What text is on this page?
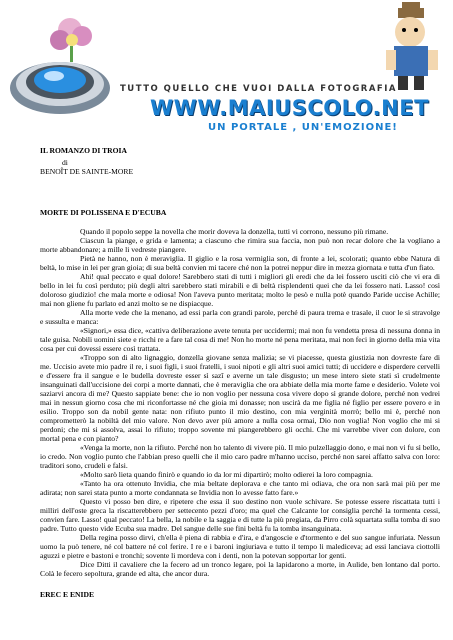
TUTTO QUELLO CHE VUOI DALLA FOTOGRAFIA
WWW.MAIUSCOLO.NET
UN PORTALE , UN'EMOZIONE!
IL ROMANZO DI TROIA
di
BENOÎT DE SAINTE-MORE
MORTE DI POLISSENA E D'ECUBA

Quando il popolo seppe la novella che morir doveva la donzella, tutti vi corrono, nessuno più rimane.

Ciascun la piange, e grida e lamenta; a ciascuno che rimira sua faccia, non può non recar dolore che la vogliano a morte abbandonare; a mille li vedreste piangere.

Pietà ne hanno, non è meraviglia. Il giglio e la rosa vermiglia son, di fronte a lei, scolorati; quanto ebbe Natura di beltà, lo mise in lei per gran gioia; di sua beltà convien mi tacere ché non la potrei neppur dire in mezza giornata e tutta d'un fiato.

Ahi! qual peccato e qual dolore! Sarebbero stati di tutti i migliori gli eredi che da lei fossero usciti ciò che vi era di bello in lei fu così perduto; più degli altri sarebbero stati mirabili e di beltà risplendenti quei che da lei fossero nati. Lasso! così doloroso giudizio! che mala morte e odiosa! Non l'aveva punto meritata; molto le pesò e nulla potè quando Paride uccise Achille; mai non gliene fu parlato ed anzi molto se ne dispiacque.

Alla morte vede che la menano, ad essi parla con grandi parole, perché di paura trema e trasale, il cuor le si stravolge e sussulta e manca:

«Signori,» essa dice, «cattiva deliberazione avete tenuta per uccidermi; mai non fu vendetta presa di nessuna donna in tale guisa. Nobili uomini siete e ricchi re a fare tal cosa di me! Non ho morte né pena meritata, mai non feci in giorno della mia vita cosa per cui dovessi essere così trattata.

«Troppo son di alto lignaggio, donzella giovane senza malizia; se vi piacesse, questa giustizia non dovreste fare di me. Uccisio avete mio padre il re, i suoi figli, i suoi fratelli, i suoi nipoti e gli altri suoi amici tutti; di uccidere e disperdere cervelli e d'essere fra il sangue e le budella dovreste esser sì sazî e averne un tale disgusto; un mese intero siete stati sì crudelmente insanguinati dall'uccisione dei corpi a morte dannati, che è meraviglia che ora abbiate della mia morte fame e desiderio. Volete voi saziarvi ancora di me? Questo sappiate bene: che io non voglio per nessuna cosa vivere dopo sì grande dolore, perché non vedrei mai in nessun giorno cosa che mi riconfortasse né che gioia mi donasse; non uscirà da me figlia né figlio per essere povero e in esilio. Troppo son da nobil gente nata: non rifiuto punto il mio destino, con mia verginità morrò; bello mi è, perché non comprometterò la nobiltà del mio valore. Non devo aver più amore a nulla cosa ormai, Dio non voglia! Non voglio che mi si perdoni; che mi si assolva, assai lo rifiuto; troppo sovente mi piangerebbero gli occhi. Che mi varrebbe viver con dolore, con mortal pena e con pianto?

«Venga la morte, non la rifiuto. Perché non ho talento di vivere più. Il mio pulzellaggio dono, e mai non vi fu sì bello, io credo. Non voglio punto che l'abbian preso quelli che il mio caro padre m'hanno ucciso, perché non sarei affatto salva con loro: traditori sono, crudeli e falsi.

«Molto sarò lieta quando finirò e quando io da lor mi dipartirò; molto odierei la loro compagnia.

«Tanto ha ora ottenuto Invidia, che mia beltate deplorava e che tanto mi odiava, che ora non sarà mai più per me adirata; non sarei stata punto a morte condannata se Invidia non lo avesse fatto fare.»

Questo vi posso ben dire, e ripetere che essa il suo destino non vuole schivare. Se potesse essere riscattata tutti i milliri dell'oste greca la riscatterebbero per settecento pezzi d'oro; ma quel che Calcante lor consiglia perché la tormenta cessi, convien fare. Lasso! qual peccato! La bella, la nobile e la saggia e di tutte la più pregiata, da Pirro colà squartata sulla tomba di suo padre. Tutto questo vide Ecuba sua madre. Del sangue delle sue fini beltà fu la tomba insanguinata.

Della regina posso dirvi, ch'ella è piena di rabbia e d'ira, e d'angoscie e d'tormento e del suo sangue infuriata. Nessun uomo la può tenere, né col battere né col ferire. I re e i baroni ingiuriava e tutto il tempo li malediceva; ad essi lanciava ciottolli aguzzi e pietre e bastoni e tronchi; sovente li mordeva con i denti, non la potevan sopportar lor genti.

Dice Ditti il cavaliere che la fecero ad un tronco legare, poi la lapidarono a morte, in Aulide, ben lontano dal porto. Colà le fecero sepoltura, grande ed alta, che ancor dura.

EREC E ENIDE
